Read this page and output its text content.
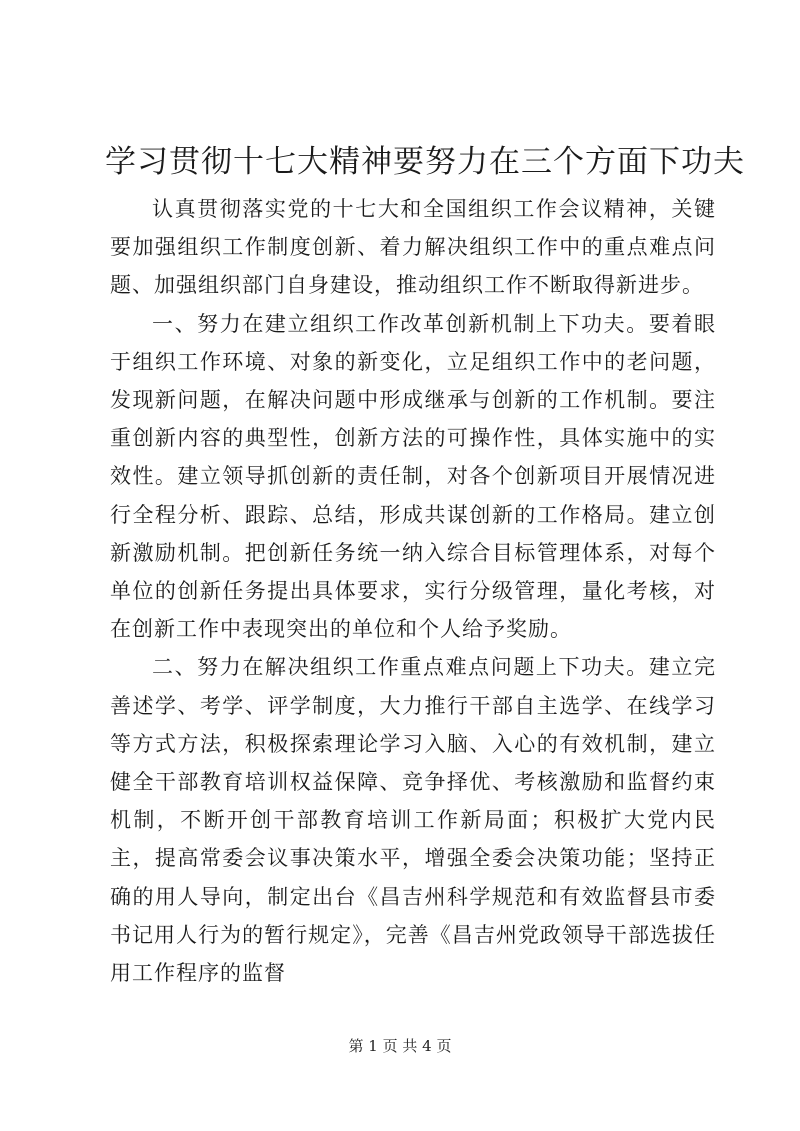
学习贯彻十七大精神要努力在三个方面下功夫

认真贯彻落实党的十七大和全国组织工作会议精神，关键要加强组织工作制度创新、着力解决组织工作中的重点难点问题、加强组织部门自身建设，推动组织工作不断取得新进步。

一、努力在建立组织工作改革创新机制上下功夫。要着眼于组织工作环境、对象的新变化，立足组织工作中的老问题，发现新问题，在解决问题中形成继承与创新的工作机制。要注重创新内容的典型性，创新方法的可操作性，具体实施中的实效性。建立领导抓创新的责任制，对各个创新项目开展情况进行全程分析、跟踪、总结，形成共谋创新的工作格局。建立创新激励机制。把创新任务统一纳入综合目标管理体系，对每个单位的创新任务提出具体要求，实行分级管理，量化考核，对在创新工作中表现突出的单位和个人给予奖励。

二、努力在解决组织工作重点难点问题上下功夫。建立完善述学、考学、评学制度，大力推行干部自主选学、在线学习等方式方法，积极探索理论学习入脑、入心的有效机制，建立健全干部教育培训权益保障、竞争择优、考核激励和监督约束机制，不断开创干部教育培训工作新局面；积极扩大党内民主，提高常委会议事决策水平，增强全委会决策功能；坚持正确的用人导向，制定出台《昌吉州科学规范和有效监督县市委书记用人行为的暂行规定》，完善《昌吉州党政领导干部选拔任用工作程序的监督

第 1 页 共 4 页
